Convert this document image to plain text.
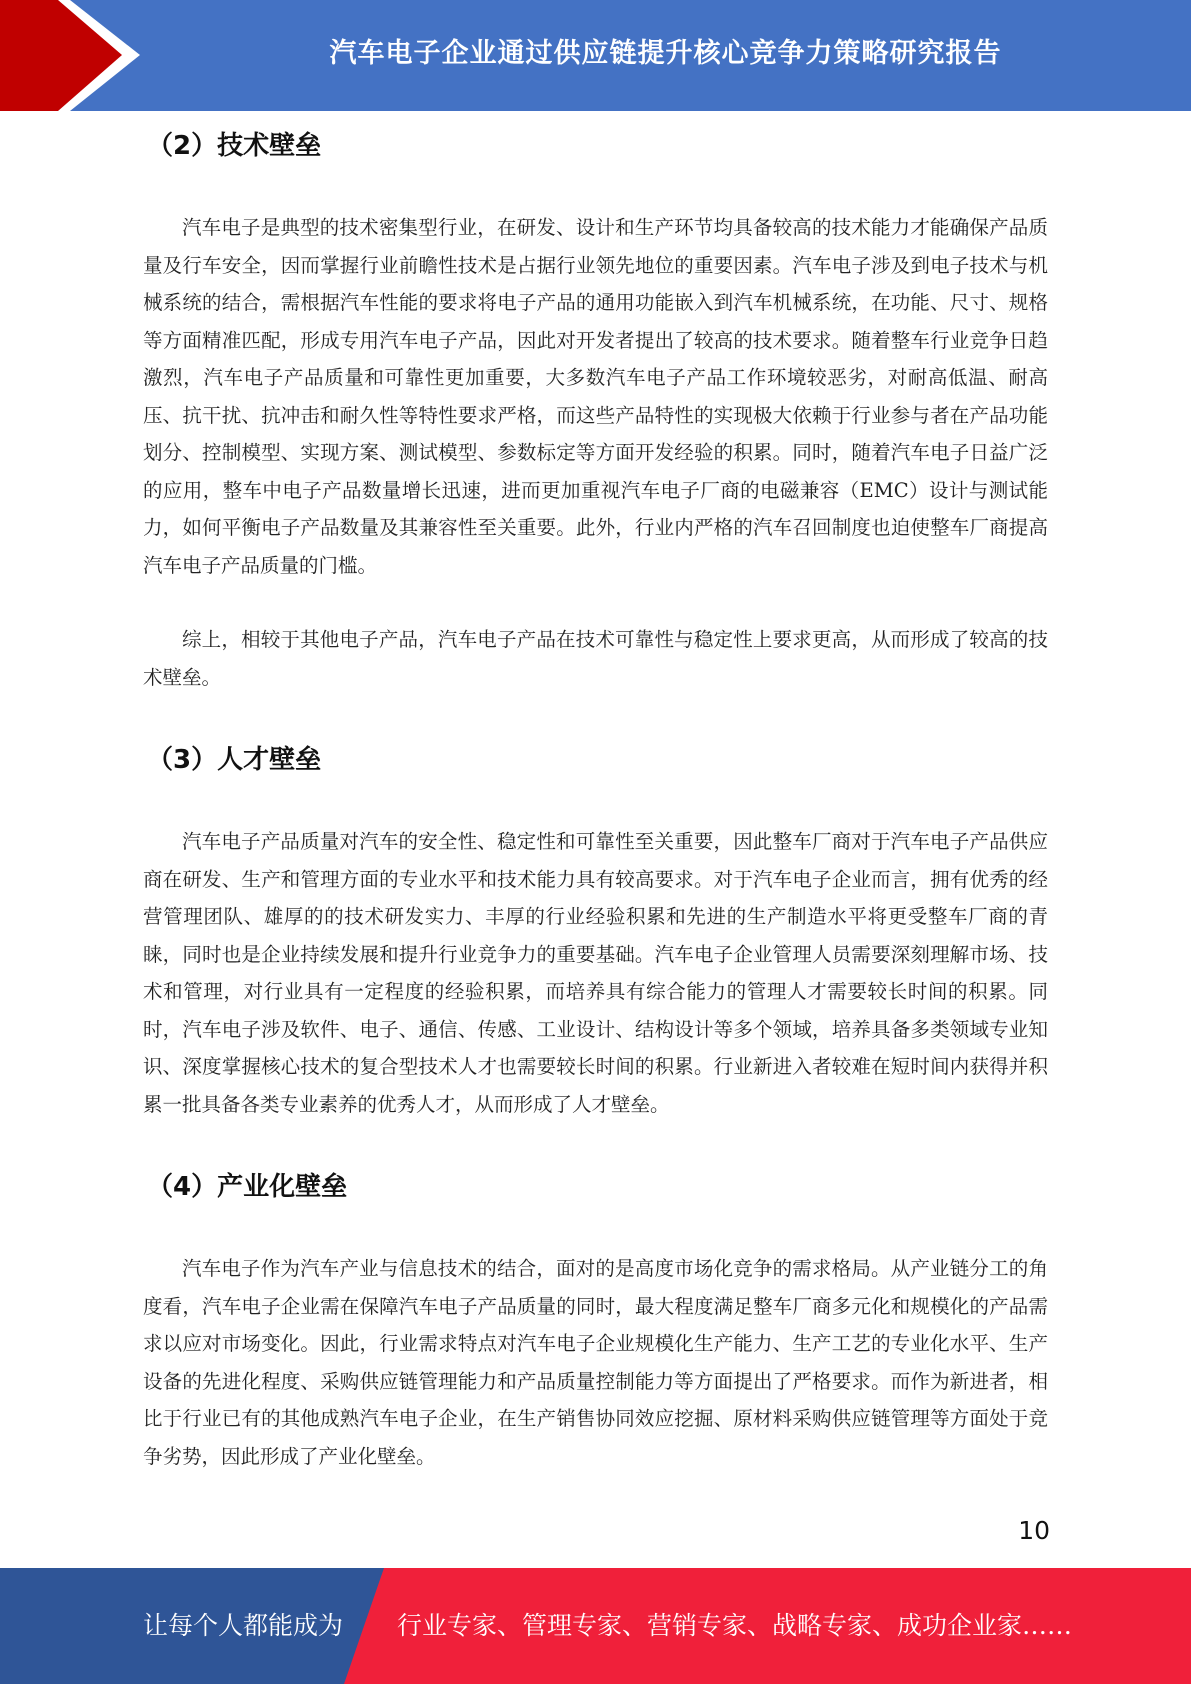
汽车电子企业通过供应链提升核心竞争力策略研究报告
（2）技术壁垒

汽车电子是典型的技术密集型行业，在研发、设计和生产环节均具备较高的技术能力才能确保产品质量及行车安全，因而掌握行业前瞻性技术是占据行业领先地位的重要因素。汽车电子涉及到电子技术与机械系统的结合，需根据汽车性能的要求将电子产品的通用功能嵌入到汽车机械系统，在功能、尺寸、规格等方面精准匹配，形成专用汽车电子产品，因此对开发者提出了较高的技术要求。随着整车行业竞争日趋激烈，汽车电子产品质量和可靠性更加重要，大多数汽车电子产品工作环境较恶劣，对耐高低温、耐高压、抗干扰、抗冲击和耐久性等特性要求严格，而这些产品特性的实现极大依赖于行业参与者在产品功能划分、控制模型、实现方案、测试模型、参数标定等方面开发经验的积累。同时，随着汽车电子日益广泛的应用，整车中电子产品数量增长迅速，进而更加重视汽车电子厂商的电磁兼容（EMC）设计与测试能力，如何平衡电子产品数量及其兼容性至关重要。此外，行业内严格的汽车召回制度也迫使整车厂商提高汽车电子产品质量的门槛。

综上，相较于其他电子产品，汽车电子产品在技术可靠性与稳定性上要求更高，从而形成了较高的技术壁垒。

（3）人才壁垒

汽车电子产品质量对汽车的安全性、稳定性和可靠性至关重要，因此整车厂商对于汽车电子产品供应商在研发、生产和管理方面的专业水平和技术能力具有较高要求。对于汽车电子企业而言，拥有优秀的经营管理团队、雄厚的的技术研发实力、丰厚的行业经验积累和先进的生产制造水平将更受整车厂商的青睐，同时也是企业持续发展和提升行业竞争力的重要基础。汽车电子企业管理人员需要深刻理解市场、技术和管理，对行业具有一定程度的经验积累，而培养具有综合能力的管理人才需要较长时间的积累。同时，汽车电子涉及软件、电子、通信、传感、工业设计、结构设计等多个领域，培养具备多类领域专业知识、深度掌握核心技术的复合型技术人才也需要较长时间的积累。行业新进入者较难在短时间内获得并积累一批具备各类专业素养的优秀人才，从而形成了人才壁垒。

（4）产业化壁垒

汽车电子作为汽车产业与信息技术的结合，面对的是高度市场化竞争的需求格局。从产业链分工的角度看，汽车电子企业需在保障汽车电子产品质量的同时，最大程度满足整车厂商多元化和规模化的产品需求以应对市场变化。因此，行业需求特点对汽车电子企业规模化生产能力、生产工艺的专业化水平、生产设备的先进化程度、采购供应链管理能力和产品质量控制能力等方面提出了严格要求。而作为新进者，相比于行业已有的其他成熟汽车电子企业，在生产销售协同效应挖掘、原材料采购供应链管理等方面处于竞争劣势，因此形成了产业化壁垒。

10
让每个人都能成为 行业专家、管理专家、营销专家、战略专家、成功企业家……
